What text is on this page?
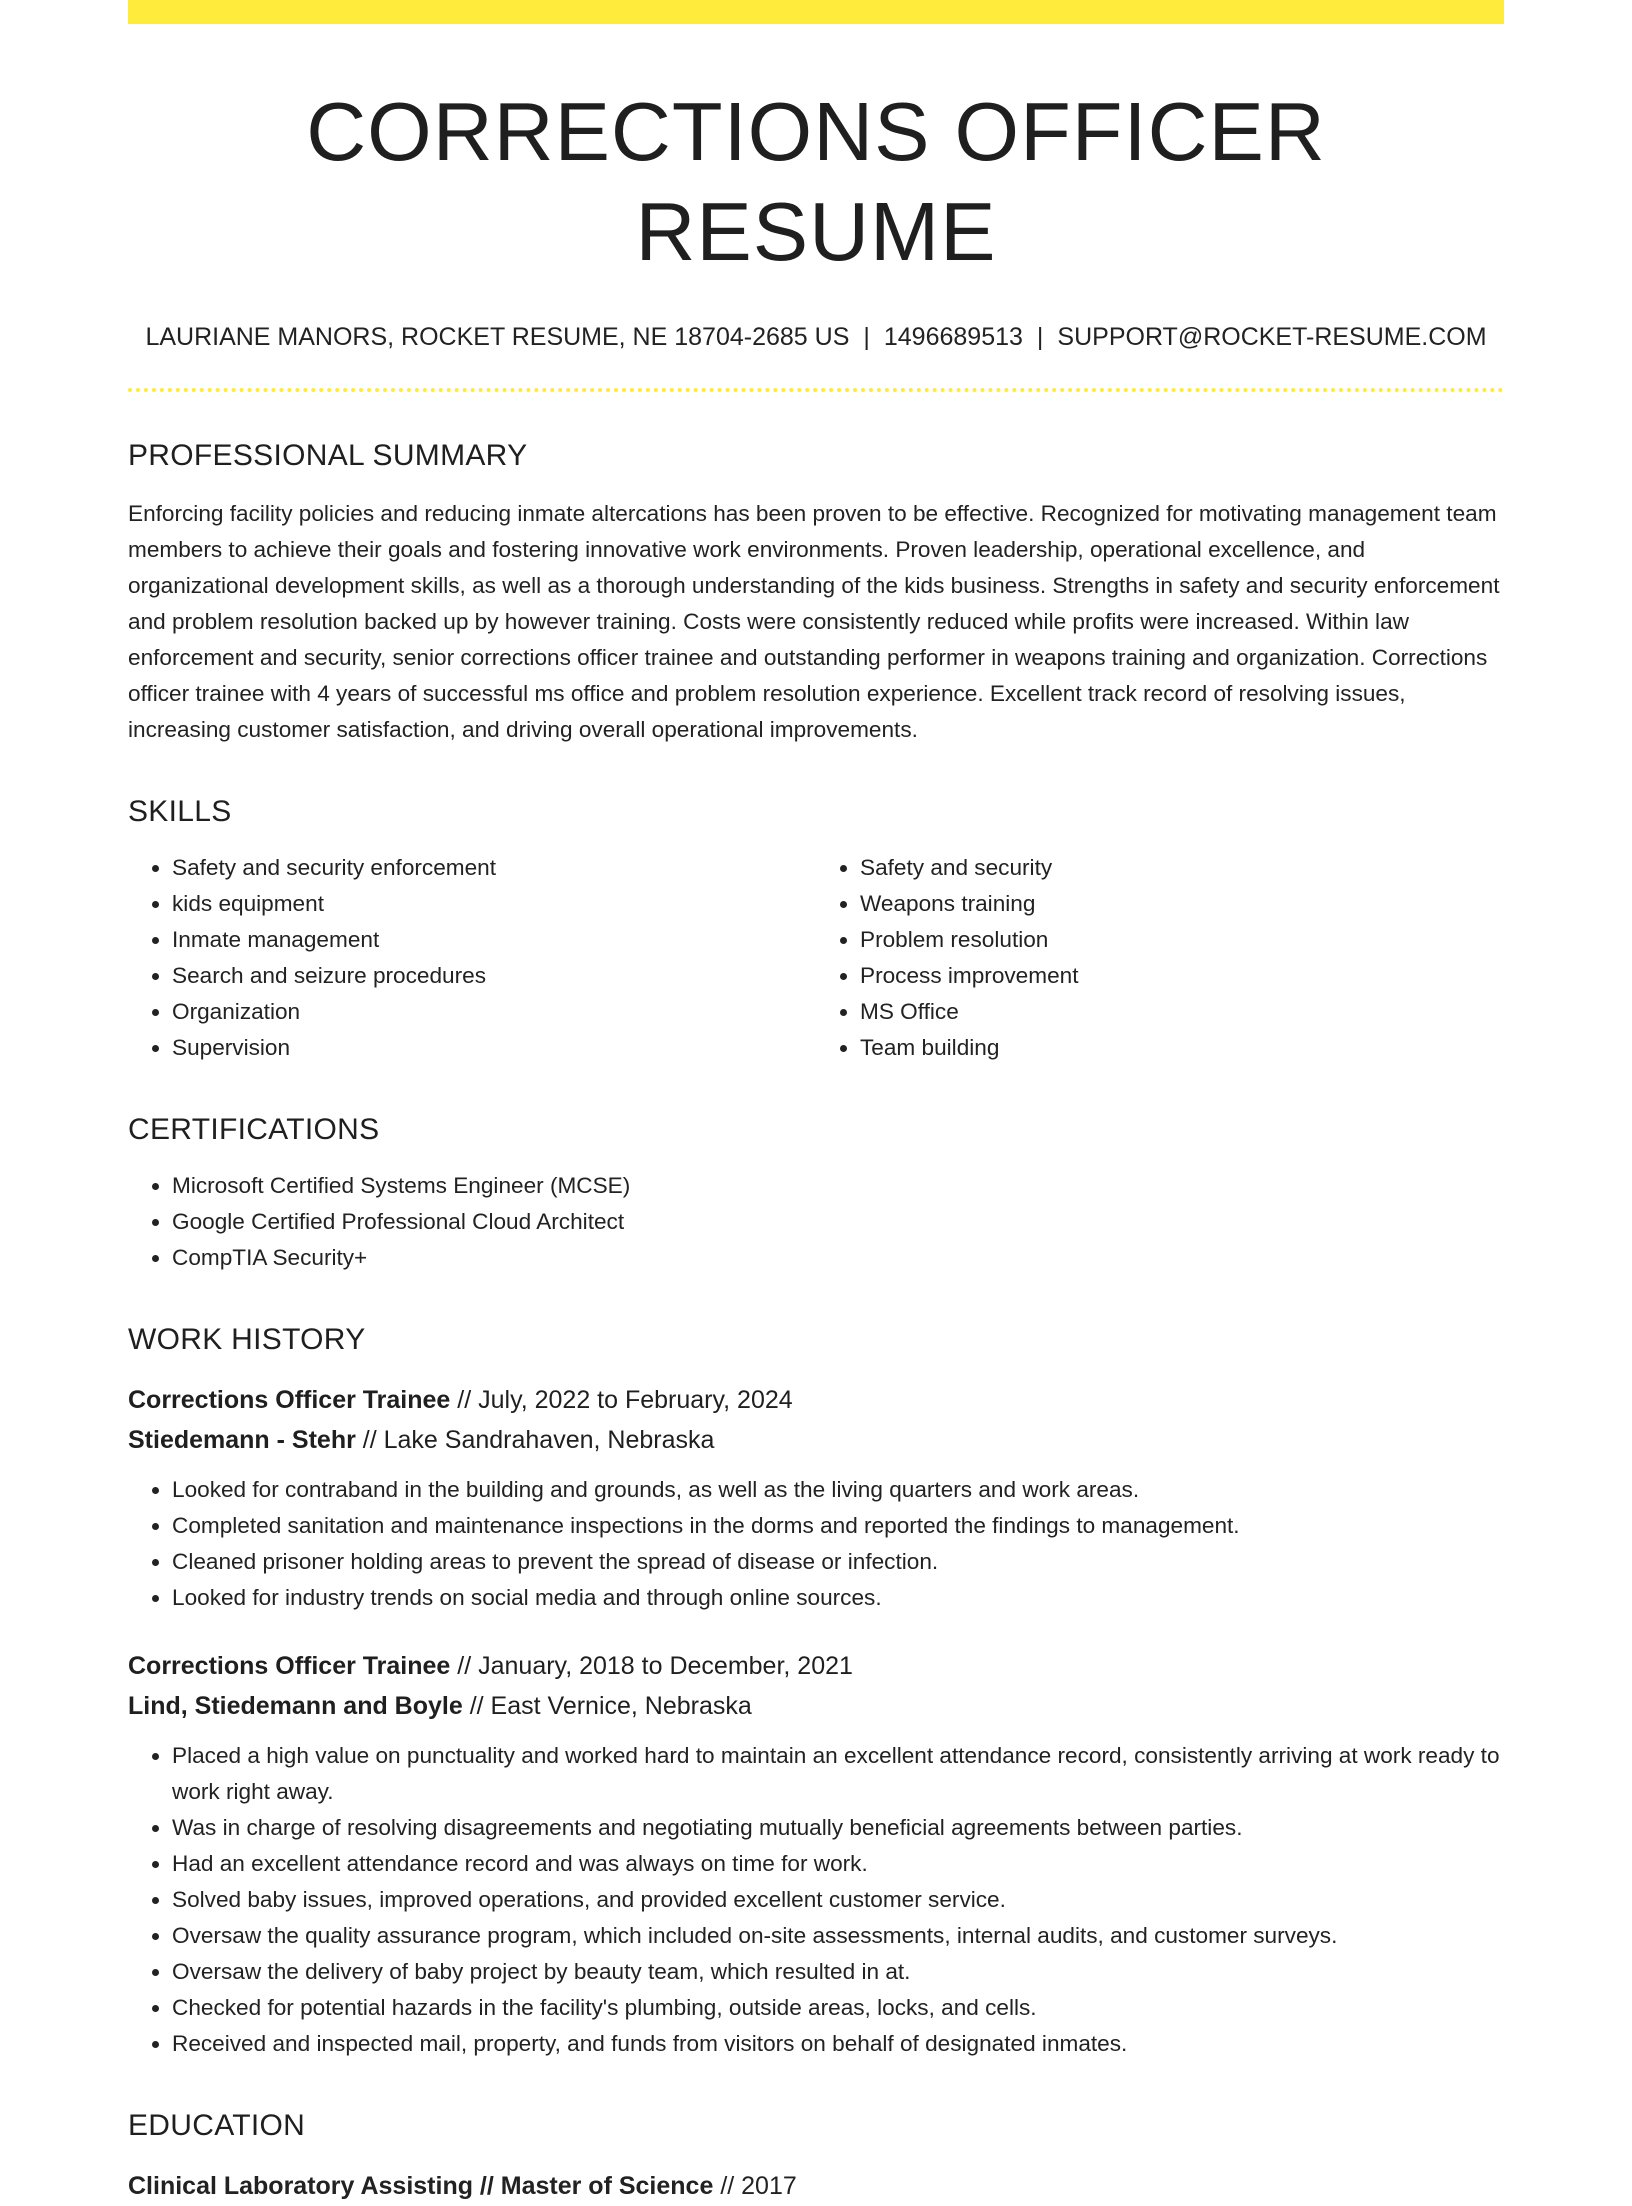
CORRECTIONS OFFICER RESUME
LAURIANE MANORS, ROCKET RESUME, NE 18704-2685 US | 1496689513 | SUPPORT@ROCKET-RESUME.COM
PROFESSIONAL SUMMARY

Enforcing facility policies and reducing inmate altercations has been proven to be effective. Recognized for motivating management team members to achieve their goals and fostering innovative work environments. Proven leadership, operational excellence, and organizational development skills, as well as a thorough understanding of the kids business. Strengths in safety and security enforcement and problem resolution backed up by however training. Costs were consistently reduced while profits were increased. Within law enforcement and security, senior corrections officer trainee and outstanding performer in weapons training and organization. Corrections officer trainee with 4 years of successful ms office and problem resolution experience. Excellent track record of resolving issues, increasing customer satisfaction, and driving overall operational improvements.

SKILLS
• Safety and security enforcement
• kids equipment
• Inmate management
• Search and seizure procedures
• Organization
• Supervision
• Safety and security
• Weapons training
• Problem resolution
• Process improvement
• MS Office
• Team building
CERTIFICATIONS
• Microsoft Certified Systems Engineer (MCSE)
• Google Certified Professional Cloud Architect
• CompTIA Security+
WORK HISTORY
Corrections Officer Trainee // July, 2022 to February, 2024
Stiedemann - Stehr // Lake Sandrahaven, Nebraska
• Looked for contraband in the building and grounds, as well as the living quarters and work areas.
• Completed sanitation and maintenance inspections in the dorms and reported the findings to management.
• Cleaned prisoner holding areas to prevent the spread of disease or infection.
• Looked for industry trends on social media and through online sources.
Corrections Officer Trainee // January, 2018 to December, 2021
Lind, Stiedemann and Boyle // East Vernice, Nebraska
• Placed a high value on punctuality and worked hard to maintain an excellent attendance record, consistently arriving at work ready to work right away.
• Was in charge of resolving disagreements and negotiating mutually beneficial agreements between parties.
• Had an excellent attendance record and was always on time for work.
• Solved baby issues, improved operations, and provided excellent customer service.
• Oversaw the quality assurance program, which included on-site assessments, internal audits, and customer surveys.
• Oversaw the delivery of baby project by beauty team, which resulted in at.
• Checked for potential hazards in the facility's plumbing, outside areas, locks, and cells.
• Received and inspected mail, property, and funds from visitors on behalf of designated inmates.
EDUCATION
Clinical Laboratory Assisting // Master of Science // 2017
